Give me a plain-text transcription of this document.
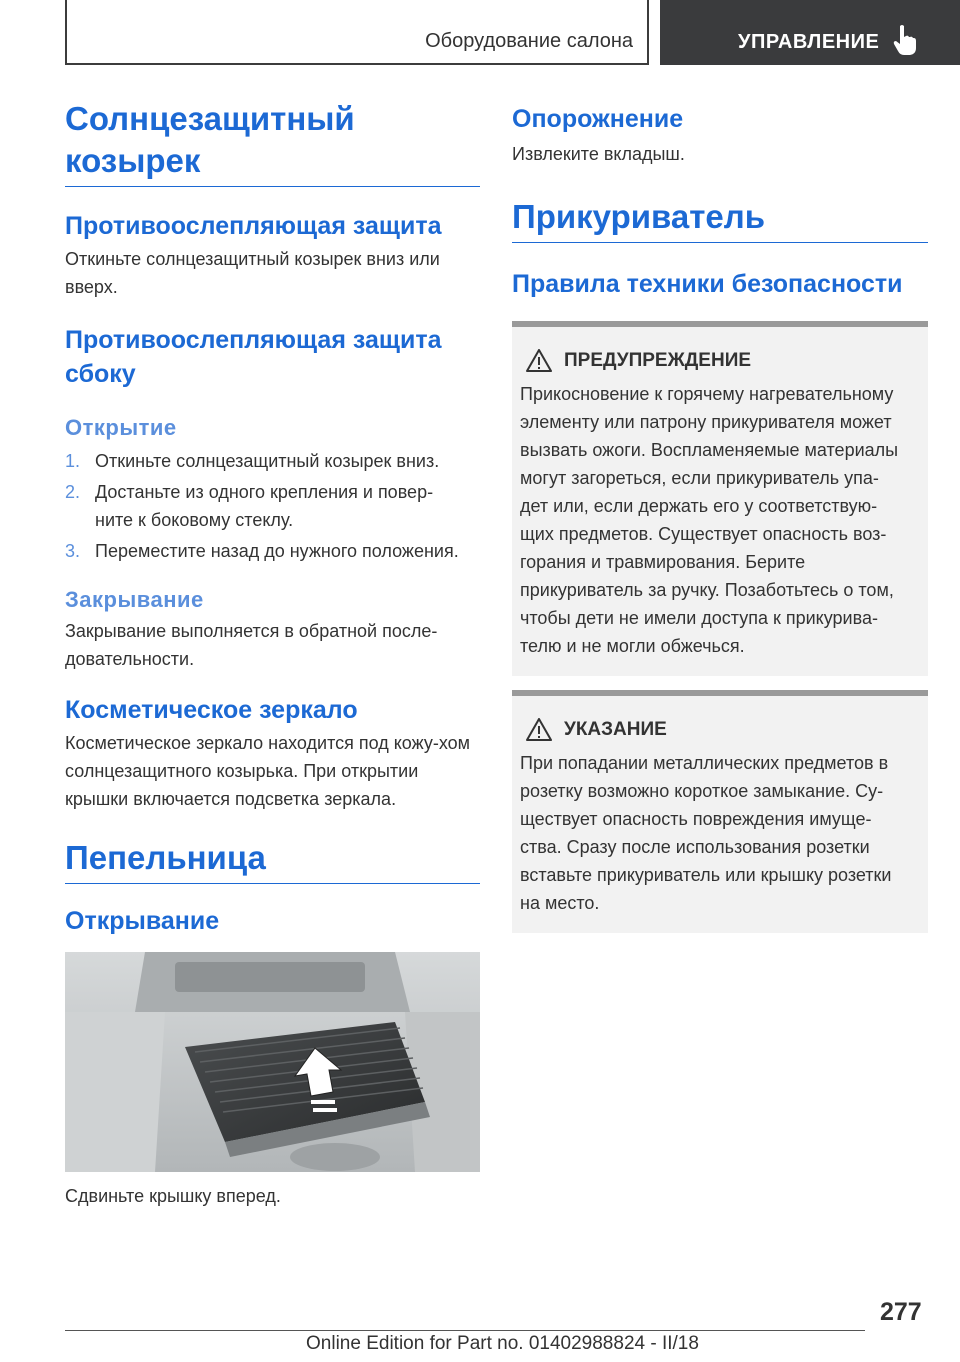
Оборудование салона	УПРАВЛЕНИЕ
Солнцезащитный
козырек
Противоослепляющая защита
Откиньте солнцезащитный козырек вниз или вверх.
Противоослепляющая защита
сбоку
Открытие
1. Откиньте солнцезащитный козырек вниз.
2. Достаньте из одного крепления и повер-
ните к боковому стеклу.
3. Переместите назад до нужного положения.
Закрывание
Закрывание выполняется в обратной после-довательности.
Косметическое зеркало
Косметическое зеркало находится под кожу-хом солнцезащитного козырька. При открытии крышки включается подсветка зеркала.
Пепельница
Открывание
Сдвиньте крышку вперед.
Опорожнение
Извлеките вкладыш.
Прикуриватель
Правила техники безопасности
ПРЕДУПРЕЖДЕНИЕ
Прикосновение к горячему нагревательному
элементу или патрону прикуривателя может
вызвать ожоги. Воспламеняемые материалы
могут загореться, если прикуриватель упа-
дет или, если держать его у соответствую-
щих предметов. Существует опасность воз-
горания и травмирования. Берите
прикуриватель за ручку. Позаботьтесь о том,
чтобы дети не имели доступа к прикурива-
телю и не могли обжечься.
УКАЗАНИЕ
При попадании металлических предметов в
розетку возможно короткое замыкание. Су-
ществует опасность повреждения имуще-
ства. Сразу после использования розетки
вставьте прикуриватель или крышку розетки
на место.
277
Online Edition for Part no. 01402988824 - II/18
